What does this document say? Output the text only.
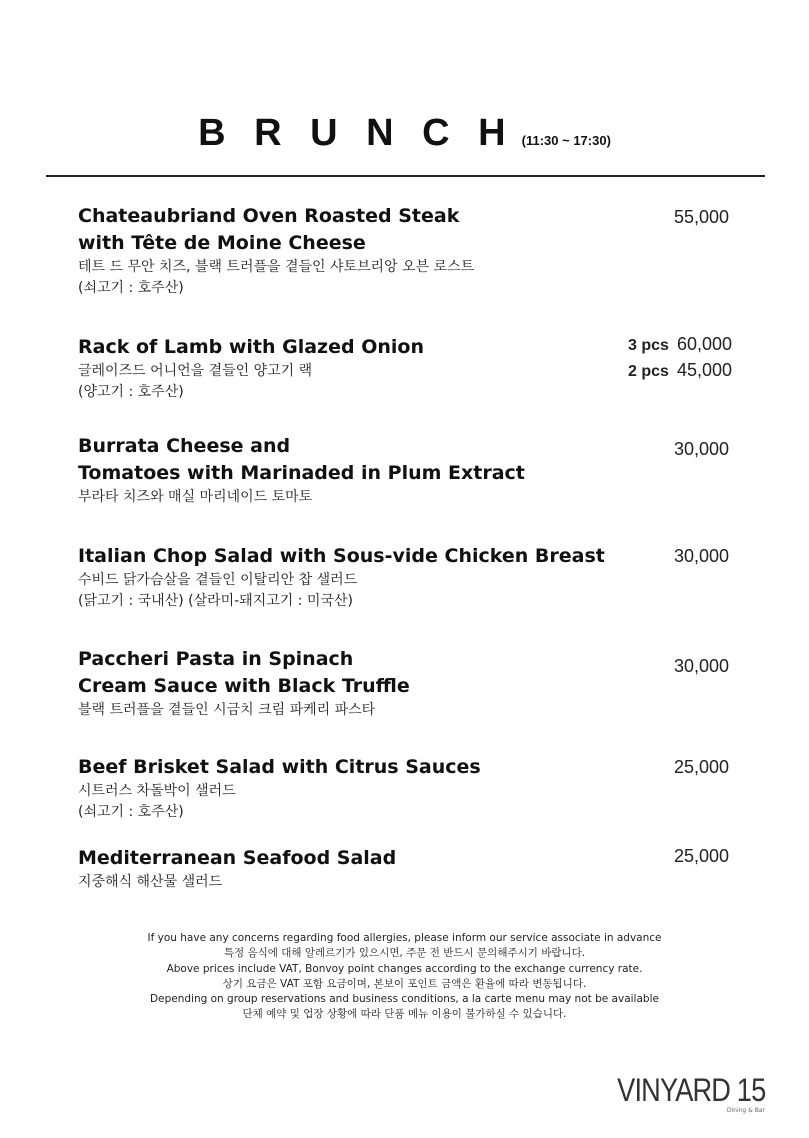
B R U N C H (11:30 ~ 17:30)
Chateaubriand Oven Roasted Steak
with Tête de Moine Cheese
테트 드 무안 치즈, 블랙 트러플을 곁들인 샤토브리앙 오븐 로스트
(쇠고기 : 호주산)
55,000
Rack of Lamb with Glazed Onion
글레이즈드 어니언을 곁들인 양고기 랙
(양고기 : 호주산)
3 pcs 60,000
2 pcs 45,000
Burrata Cheese and
Tomatoes with Marinaded in Plum Extract
부라타 치즈와 매실 마리네이드 토마토
30,000
Italian Chop Salad with Sous-vide Chicken Breast
수비드 닭가슴살을 곁들인 이탈리안 찹 샐러드
(닭고기 : 국내산) (살라미-돼지고기 : 미국산)
30,000
Paccheri Pasta in Spinach
Cream Sauce with Black Truffle
블랙 트러플을 곁들인 시금치 크림 파케리 파스타
30,000
Beef Brisket Salad with Citrus Sauces
시트러스 차돌박이 샐러드
(쇠고기 : 호주산)
25,000
Mediterranean Seafood Salad
지중해식 해산물 샐러드
25,000
If you have any concerns regarding food allergies, please inform our service associate in advance
특정 음식에 대해 알레르기가 있으시면, 주문 전 반드시 문의해주시기 바랍니다.
Above prices include VAT, Bonvoy point changes according to the exchange currency rate.
상기 요금은 VAT 포함 요금이며, 본보이 포인트 금액은 환율에 따라 변동됩니다.
Depending on group reservations and business conditions, a la carte menu may not be available
단체 예약 및 업장 상황에 따라 단품 메뉴 이용이 불가하실 수 있습니다.
VINYARD 15
Dining & Bar
